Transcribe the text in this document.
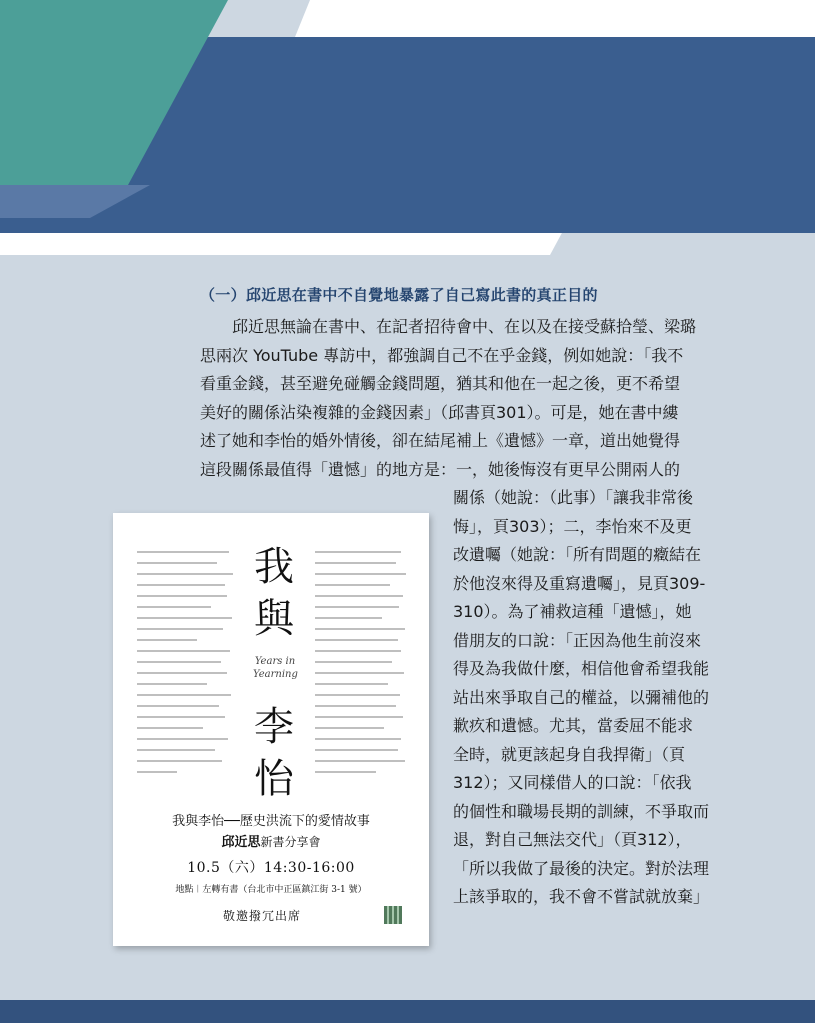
（一）邱近思在書中不自覺地暴露了自己寫此書的真正目的
邱近思無論在書中、在記者招待會中、在以及在接受蘇拾瑩、梁璐
思兩次 YouTube 專訪中，都強調自己不在乎金錢，例如她說：「我不
看重金錢，甚至避免碰觸金錢問題，猶其和他在一起之後，更不希望
美好的關係沾染複雜的金錢因素」（邱書頁301）。可是，她在書中縷
述了她和李怡的婚外情後，卻在結尾補上《遺憾》一章，道出她覺得
這段關係最值得「遺憾」的地方是：一，她後悔沒有更早公開兩人的
關係（她說：（此事）「讓我非常後
悔」，頁303）；二，李怡來不及更
改遺囑（她說：「所有問題的癥結在
於他沒來得及重寫遺囑」，見頁309-
310）。為了補救這種「遺憾」，她
借朋友的口說：「正因為他生前沒來
得及為我做什麼，相信他會希望我能
站出來爭取自己的權益，以彌補他的
歉疚和遺憾。尤其，當委屈不能求
全時，就更該起身自我捍衛」（頁
312）；又同樣借人的口說：「依我
的個性和職場長期的訓練，不爭取而
退，對自己無法交代」（頁312），
「所以我做了最後的決定。對於法理
上該爭取的，我不會不嘗試就放棄」
我
與
李
怡
Years in
Yearning
我與李怡──歷史洪流下的愛情故事
邱近思新書分享會
10.5（六）14:30-16:00
地點︱左轉有書（台北市中正區鎮江街 3-1 號）
敬邀撥冗出席
